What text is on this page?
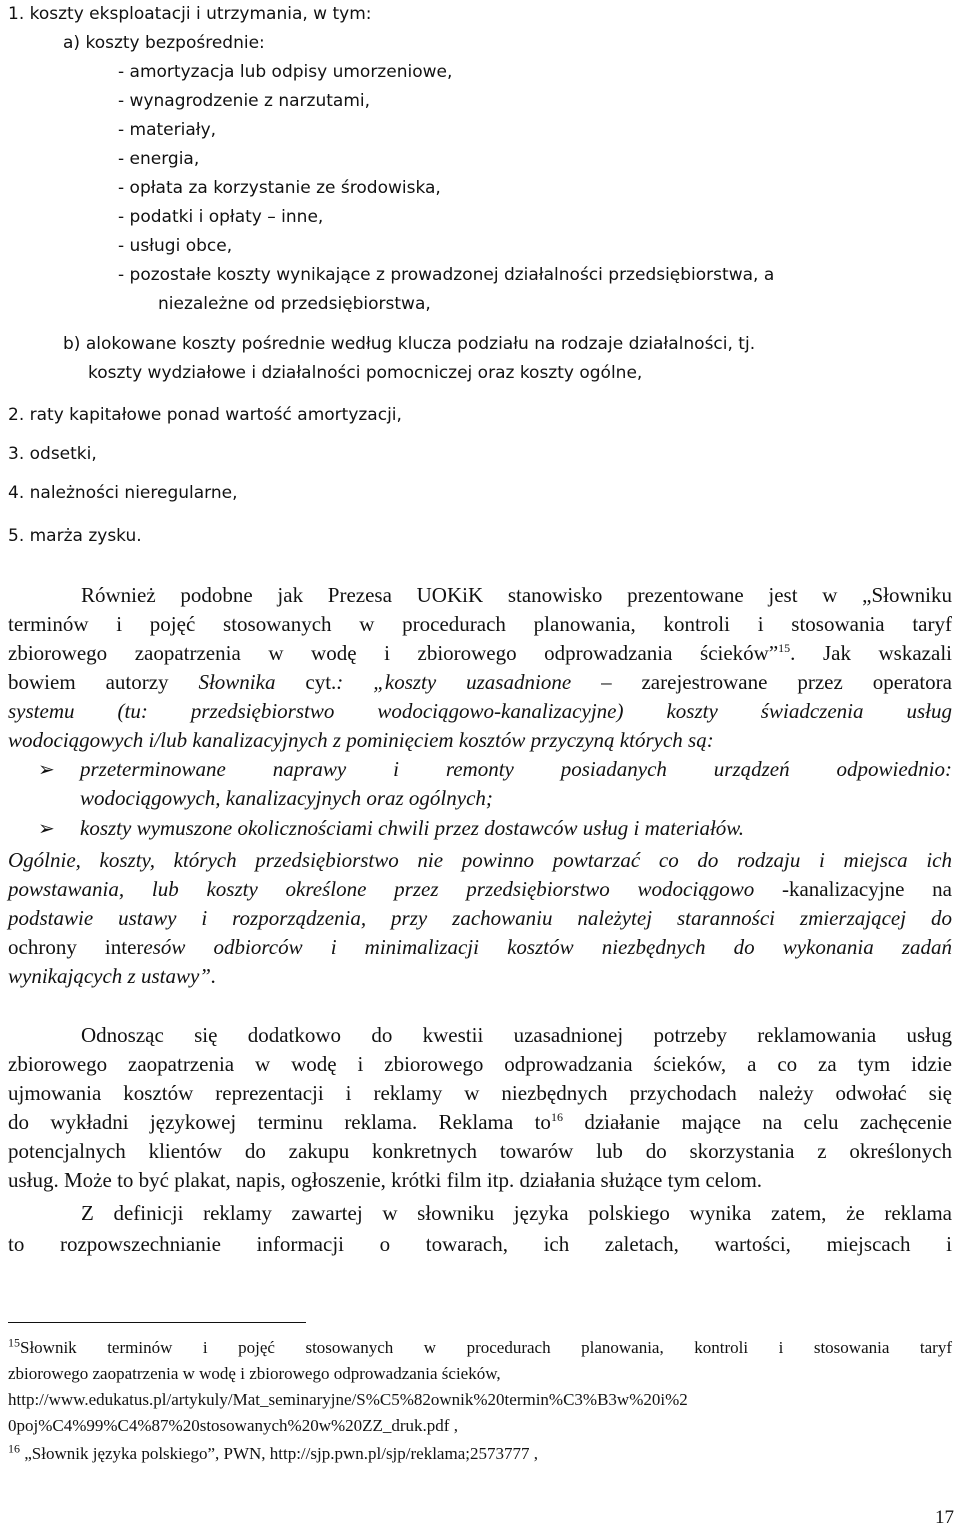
1. koszty eksploatacji i utrzymania, w tym:
a) koszty bezpośrednie:
- amortyzacja lub odpisy umorzeniowe,
- wynagrodzenie z narzutami,
- materiały,
- energia,
- opłata za korzystanie ze środowiska,
- podatki i opłaty – inne,
- usługi obce,
- pozostałe koszty wynikające z prowadzonej działalności przedsiębiorstwa, a
niezależne od przedsiębiorstwa,
b) alokowane koszty pośrednie według klucza podziału na rodzaje działalności, tj.
koszty wydziałowe i działalności pomocniczej oraz koszty ogólne,
2. raty kapitałowe ponad wartość amortyzacji,
3. odsetki,
4. należności nieregularne,
5. marża zysku.
Również podobne jak Prezesa UOKiK stanowisko prezentowane jest w „Słowniku
terminów i pojęć stosowanych w procedurach planowania, kontroli i stosowania taryf
zbiorowego zaopatrzenia w wodę i zbiorowego odprowadzania ścieków”$^{15}$. Jak wskazali
bowiem autorzy Słownika cyt.: „koszty uzasadnione – zarejestrowane przez operatora
systemu (tu: przedsiębiorstwo wodociągowo-kanalizacyjne) koszty świadczenia usług
wodociągowych i/lub kanalizacyjnych z pominięciem kosztów przyczyną których są:
➢ przeterminowane naprawy i remonty posiadanych urządzeń odpowiednio:
wodociągowych, kanalizacyjnych oraz ogólnych;
➢ koszty wymuszone okolicznościami chwili przez dostawców usług i materiałów.
Ogólnie, koszty, których przedsiębiorstwo nie powinno powtarzać co do rodzaju i miejsca ich
powstawania, lub koszty określone przez przedsiębiorstwo wodociągowo -kanalizacyjne na
podstawie ustawy i rozporządzenia, przy zachowaniu należytej staranności zmierzającej do
ochrony interesów odbiorców i minimalizacji kosztów niezbędnych do wykonania zadań
wynikających z ustawy”.
Odnosząc się dodatkowo do kwestii uzasadnionej potrzeby reklamowania usług
zbiorowego zaopatrzenia w wodę i zbiorowego odprowadzania ścieków, a co za tym idzie
ujmowania kosztów reprezentacji i reklamy w niezbędnych przychodach należy odwołać się
do wykładni językowej terminu reklama. Reklama $to^{16}$ działanie mające na celu zachęcenie
potencjalnych klientów do zakupu konkretnych towarów lub do skorzystania z określonych
usług. Może to być plakat, napis, ogłoszenie, krótki film itp. działania służące tym celom.
Z definicji reklamy zawartej w słowniku języka polskiego wynika zatem, że reklama
to rozpowszechnianie informacji o towarach, ich zaletach, wartości, miejscach i
$^{15}$Słownik terminów i pojęć stosowanych w procedurach planowania, kontroli i stosowania taryf
zbiorowego zaopatrzenia w wodę i zbiorowego odprowadzania ścieków,
http://www.edukatus.pl/artykuly/Mat_seminaryjne/S%C5%82ownik%20termin%C3%B3w%20i%2
0poj%C4%99%C4%87%20stosowanych%20w%20ZZ_druk.pdf ,
$^{16}$ „Słownik języka polskiego”, PWN, http://sjp.pwn.pl/sjp/reklama;2573777 ,
17
